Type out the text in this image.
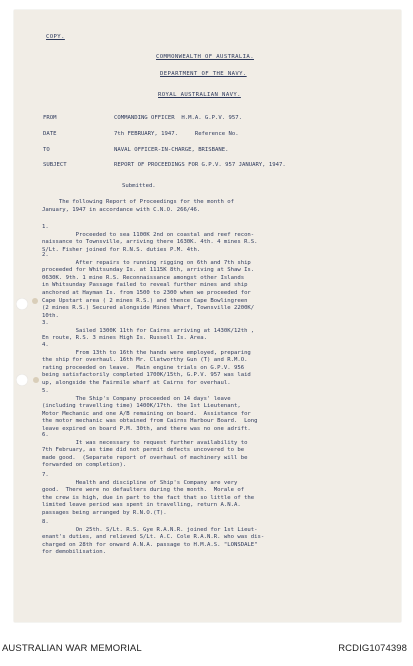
COPY.
COMMONWEALTH OF AUSTRALIA.
DEPARTMENT OF THE NAVY.
ROYAL AUSTRALIAN NAVY.
FROM	COMMANDING OFFICER  H.M.A. G.P.V. 957.
DATE	7th FEBRUARY, 1947.     Reference No.
TO	NAVAL OFFICER-IN-CHARGE, BRISBANE.
SUBJECT	REPORT OF PROCEEDINGS FOR G.P.V. 957 JANUARY, 1947.
Submitted.
The following Report of Proceedings for the month of
January, 1947 in accordance with C.N.O. 266/46.
1.
Proceeded to sea 1100K 2nd on coastal and reef recon-
naissance to Townsville, arriving there 1630K. 4th. 4 mines R.S.
S/Lt. Fisher joined for R.N.S. duties P.M. 4th.
2.
After repairs to running rigging on 6th and 7th ship
proceeded for Whitsunday Is. at 1115K 8th, arriving at Shaw Is.
0630K. 9th. 1 mine R.S. Reconnaissance amongst other Islands
in Whitsunday Passage failed to reveal further mines and ship
anchored at Hayman Is. from 1500 to 2300 when we proceeded for
Cape Upstart area ( 2 mines R.S.) and thence Cape Bowlingreen
(2 mines R.S.) Secured alongside Mines Wharf, Townsville 2200K/
10th.
3.
Sailed 1300K 11th for Cairns arriving at 1430K/12th ,
En route, R.S. 3 mines High Is. Russell Is. Area.
4.
From 13th to 16th the hands were employed, preparing
the ship for overhaul. 16th Mr. Clatworthy Gun (T) and R.M.O.
rating proceeded on leave.  Main engine trials on G.P.V. 956
being satisfactorily completed 1700K/15th, G.P.V. 957 was laid
up, alongside the Fairmile wharf at Cairns for overhaul.
5.
The Ship's Company proceeded on 14 days' leave
(including travelling time) 1400K/17th. the 1st Lieutenant,
Motor Mechanic and one A/B remaining on board.  Assistance for
the motor mechanic was obtained from Cairns Harbour Board.  Long
leave expired on board P.M. 30th, and there was no one adrift.
6.
It was necessary to request further availability to
7th February, as time did not permit defects uncovered to be
made good.  (Separate report of overhaul of machinery will be
forwarded on completion).
7.
Health and discipline of Ship's Company are very
good.  There were no defaulters during the month.  Morale of
the crew is high, due in part to the fact that so little of the
limited leave period was spent in travelling, return A.N.A.
passages being arranged by R.N.O.(T).
8.
On 25th. S/Lt. R.S. Gye R.A.N.R. joined for 1st Lieut-
enant's duties, and relieved S/Lt. A.C. Cole R.A.N.R. who was dis-
charged on 28th for onward A.N.A. passage to H.M.A.S. "LONSDALE"
for demobilisation.
AUSTRALIAN WAR MEMORIAL	RCDIG1074398
